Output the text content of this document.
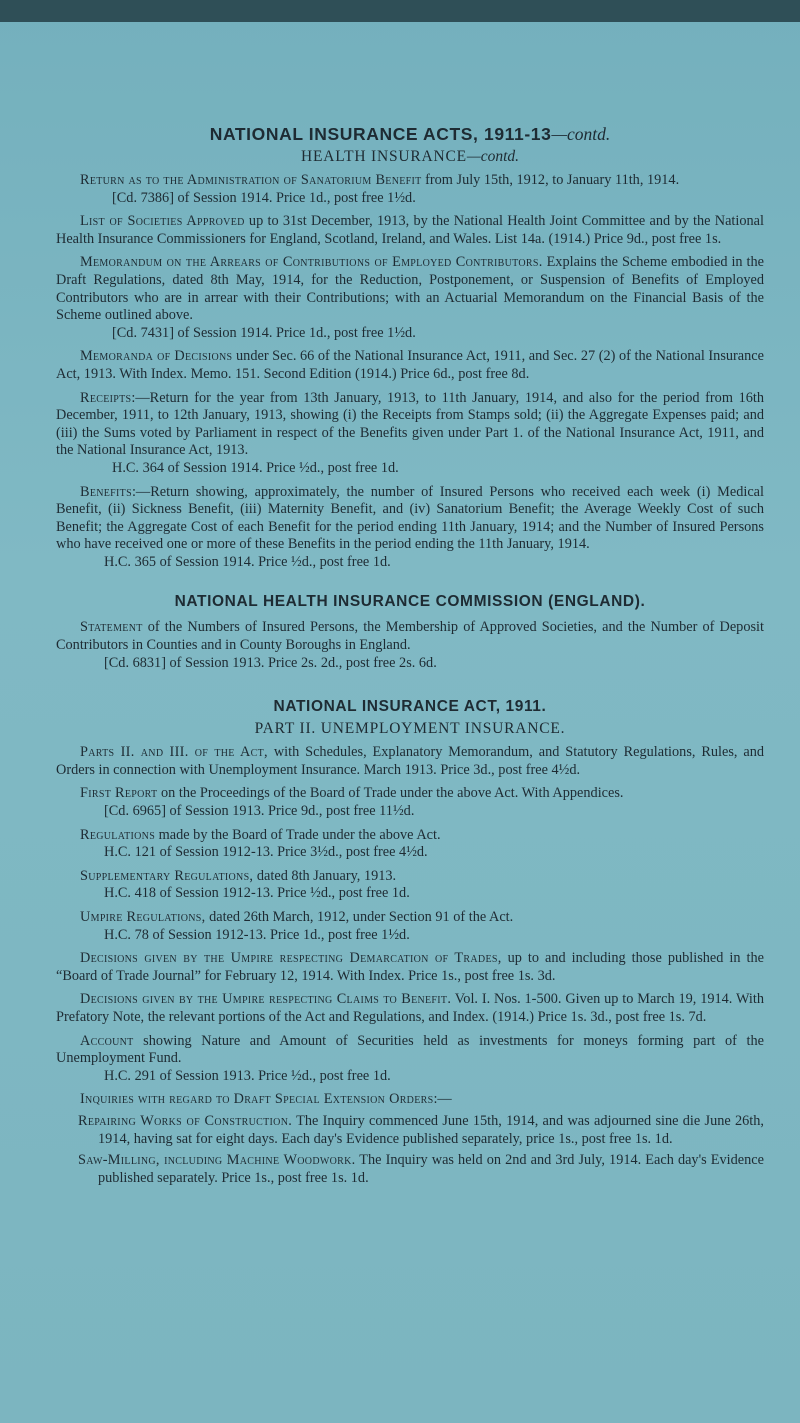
NATIONAL INSURANCE ACTS, 1911-13—contd.
HEALTH INSURANCE—contd.

Return as to the Administration of Sanatorium Benefit from July 15th, 1912, to January 11th, 1914.

[Cd. 7386] of Session 1914. Price 1d., post free 1½d.

List of Societies Approved up to 31st December, 1913, by the National Health Joint Committee and by the National Health Insurance Commissioners for England, Scotland, Ireland, and Wales. List 14a. (1914.) Price 9d., post free 1s.

Memorandum on the Arrears of Contributions of Employed Contributors. Explains the Scheme embodied in the Draft Regulations, dated 8th May, 1914, for the Reduction, Postponement, or Suspension of Benefits of Employed Contributors who are in arrear with their Contributions; with an Actuarial Memorandum on the Financial Basis of the Scheme outlined above.

[Cd. 7431] of Session 1914. Price 1d., post free 1½d.

Memoranda of Decisions under Sec. 66 of the National Insurance Act, 1911, and Sec. 27 (2) of the National Insurance Act, 1913. With Index. Memo. 151. Second Edition (1914.) Price 6d., post free 8d.

Receipts:—Return for the year from 13th January, 1913, to 11th January, 1914, and also for the period from 16th December, 1911, to 12th January, 1913, showing (i) the Receipts from Stamps sold; (ii) the Aggregate Expenses paid; and (iii) the Sums voted by Parliament in respect of the Benefits given under Part 1. of the National Insurance Act, 1911, and the National Insurance Act, 1913.

H.C. 364 of Session 1914. Price ½d., post free 1d.

Benefits:—Return showing, approximately, the number of Insured Persons who received each week (i) Medical Benefit, (ii) Sickness Benefit, (iii) Maternity Benefit, and (iv) Sanatorium Benefit; the Average Weekly Cost of such Benefit; the Aggregate Cost of each Benefit for the period ending 11th January, 1914; and the Number of Insured Persons who have received one or more of these Benefits in the period ending the 11th January, 1914.

H.C. 365 of Session 1914. Price ½d., post free 1d.

NATIONAL HEALTH INSURANCE COMMISSION (ENGLAND).

Statement of the Numbers of Insured Persons, the Membership of Approved Societies, and the Number of Deposit Contributors in Counties and in County Boroughs in England.

[Cd. 6831] of Session 1913. Price 2s. 2d., post free 2s. 6d.

NATIONAL INSURANCE ACT, 1911.
PART II. UNEMPLOYMENT INSURANCE.

Parts II. and III. of the Act, with Schedules, Explanatory Memorandum, and Statutory Regulations, Rules, and Orders in connection with Unemployment Insurance. March 1913. Price 3d., post free 4½d.

First Report on the Proceedings of the Board of Trade under the above Act. With Appendices.

[Cd. 6965] of Session 1913. Price 9d., post free 11½d.

Regulations made by the Board of Trade under the above Act.

H.C. 121 of Session 1912-13. Price 3½d., post free 4½d.

Supplementary Regulations, dated 8th January, 1913.

H.C. 418 of Session 1912-13. Price ½d., post free 1d.

Umpire Regulations, dated 26th March, 1912, under Section 91 of the Act.

H.C. 78 of Session 1912-13. Price 1d., post free 1½d.

Decisions given by the Umpire respecting Demarcation of Trades, up to and including those published in the “Board of Trade Journal” for February 12, 1914. With Index. Price 1s., post free 1s. 3d.

Decisions given by the Umpire respecting Claims to Benefit. Vol. I. Nos. 1-500. Given up to March 19, 1914. With Prefatory Note, the relevant portions of the Act and Regulations, and Index. (1914.) Price 1s. 3d., post free 1s. 7d.

Account showing Nature and Amount of Securities held as investments for moneys forming part of the Unemployment Fund.

H.C. 291 of Session 1913. Price ½d., post free 1d.

Inquiries with regard to Draft Special Extension Orders:—

Repairing Works of Construction. The Inquiry commenced June 15th, 1914, and was adjourned sine die June 26th, 1914, having sat for eight days. Each day's Evidence published separately, price 1s., post free 1s. 1d.

Saw-Milling, including Machine Woodwork. The Inquiry was held on 2nd and 3rd July, 1914. Each day's Evidence published separately. Price 1s., post free 1s. 1d.
